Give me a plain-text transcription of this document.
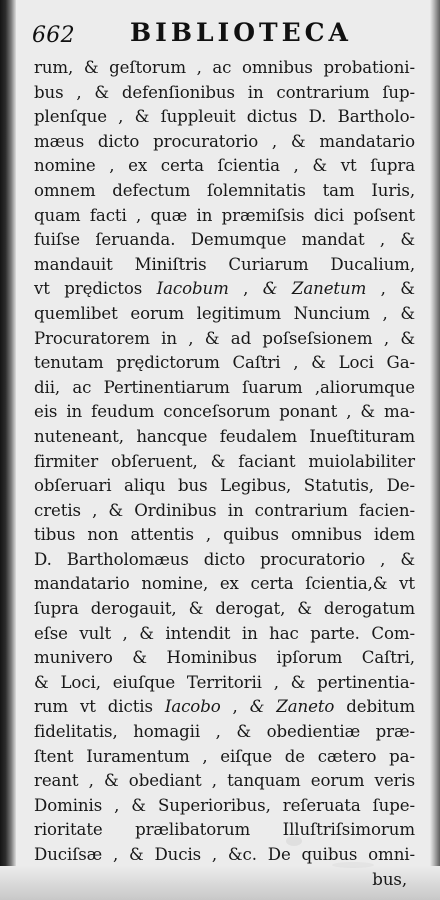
662 BIBLIOTECA
rum, & geſtorum , ac omnibus probationi-
bus , & defenſionibus in contrarium ſup-
plenſque , & ſuppleuit dictus D. Bartholo-
mæus dicto procuratorio , & mandatario
nomine , ex certa ſcientia , & vt ſupra
omnem defectum ſolemnitatis tam Iuris,
quam facti , quæ in præmiſsis dici poſsent
fuiſse ſeruanda. Demumque mandat , &
mandauit Miniſtris Curiarum Ducalium,
vt prędictos Iacobum , & Zanetum , &
quemlibet eorum legitimum Nuncium , &
Procuratorem in , & ad poſseſsionem , &
tenutam prędictorum Caſtri , & Loci Ga-
dii, ac Pertinentiarum ſuarum ,aliorumque
eis in feudum conceſsorum ponant , & ma-
nuteneant, hancque feudalem Inueſtituram
firmiter obſeruent, & faciant muiolabiliter
obſeruari aliqu bus Legibus, Statutis, De-
cretis , & Ordinibus in contrarium facien-
tibus non attentis , quibus omnibus idem
D. Bartholomæus dicto procuratorio , &
mandatario nomine, ex certa ſcientia,& vt
ſupra derogauit, & derogat, & derogatum
eſse vult , & intendit in hac parte. Com-
munivero & Hominibus ipſorum Caſtri,
& Loci, eiuſque Territorii , & pertinentia-
rum vt dictis Iacobo , & Zaneto debitum
fidelitatis, homagii , & obedientiæ præ-
ſtent Iuramentum , eiſque de cætero pa-
reant , & obediant , tanquam eorum veris
Dominis , & Superioribus, reſeruata ſupe-
rioritate prælibatorum Illuſtriſsimorum
Duciſsæ , & Ducis , &c. De quibus omni-
bus,
